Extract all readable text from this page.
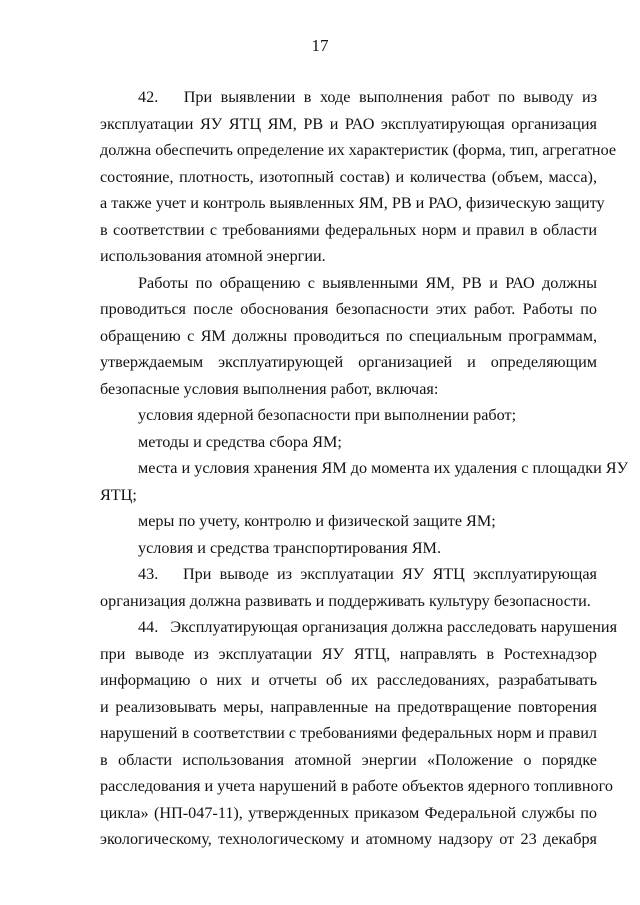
17
42.   При выявлении в ходе выполнения работ по выводу из
эксплуатации ЯУ ЯТЦ ЯМ, РВ и РАО эксплуатирующая организация
должна обеспечить определение их характеристик (форма, тип, агрегатное
состояние, плотность, изотопный состав) и количества (объем, масса),
а также учет и контроль выявленных ЯМ, РВ и РАО, физическую защиту
в соответствии с требованиями федеральных норм и правил в области
использования атомной энергии.
Работы по обращению с выявленными ЯМ, РВ и РАО должны
проводиться после обоснования безопасности этих работ. Работы по
обращению с ЯМ должны проводиться по специальным программам,
утверждаемым эксплуатирующей организацией и определяющим
безопасные условия выполнения работ, включая:
условия ядерной безопасности при выполнении работ;
методы и средства сбора ЯМ;
места и условия хранения ЯМ до момента их удаления с площадки ЯУ
ЯТЦ;
меры по учету, контролю и физической защите ЯМ;
условия и средства транспортирования ЯМ.
43.   При выводе из эксплуатации ЯУ ЯТЦ эксплуатирующая
организация должна развивать и поддерживать культуру безопасности.
44.   Эксплуатирующая организация должна расследовать нарушения
при выводе из эксплуатации ЯУ ЯТЦ, направлять в Ростехнадзор
информацию о них и отчеты об их расследованиях, разрабатывать
и реализовывать меры, направленные на предотвращение повторения
нарушений в соответствии с требованиями федеральных норм и правил
в области использования атомной энергии «Положение о порядке
расследования и учета нарушений в работе объектов ядерного топливного
цикла» (НП-047-11), утвержденных приказом Федеральной службы по
экологическому, технологическому и атомному надзору от 23 декабря
